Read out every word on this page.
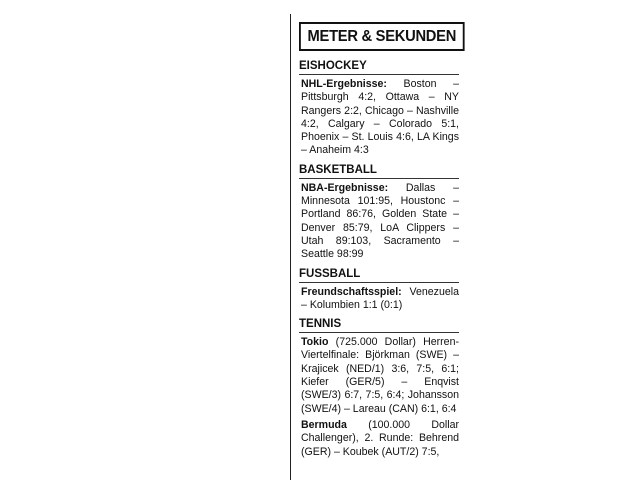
METER & SEKUNDEN
EISHOCKEY
NHL-Ergebnisse: Boston –Pittsburgh 4:2, Ottawa – NY Rangers 2:2, Chicago – Nashville 4:2, Calgary – Colorado 5:1, Phoenix – St. Louis 4:6, LA Kings – Anaheim 4:3
BASKETBALL
NBA-Ergebnisse: Dallas – Minnesota 101:95, Houstonc – Portland 86:76, Golden State – Denver 85:79, LoA Clippers – Utah 89:103, Sacramento – Seattle 98:99
FUSSBALL
Freundschaftsspiel: Venezuela – Kolumbien 1:1 (0:1)
TENNIS
Tokio (725.000 Dollar) Herren-Viertelfinale: Björkman (SWE) – Krajicek (NED/1) 3:6, 7:5, 6:1; Kiefer (GER/5) – Enqvist (SWE/3) 6:7, 7:5, 6:4; Johansson (SWE/4) – Lareau (CAN) 6:1, 6:4
Bermuda (100.000 Dollar Challenger), 2. Runde: Behrend (GER) – Koubek (AUT/2) 7:5,
